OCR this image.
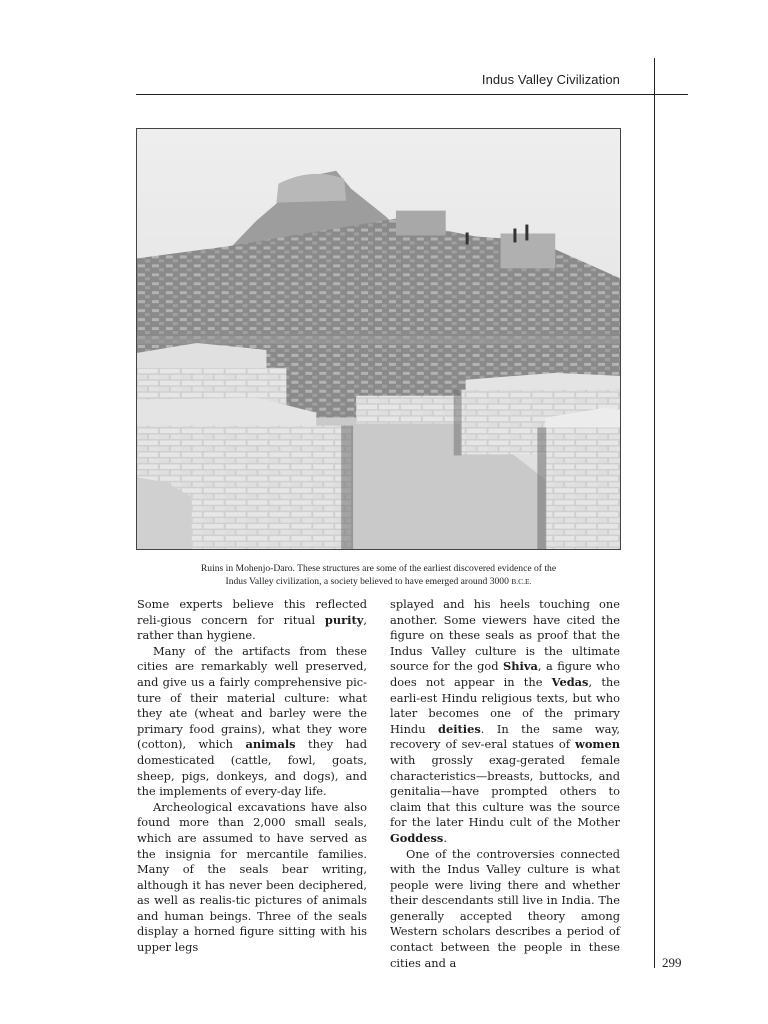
Indus Valley Civilization
Ruins in Mohenjo-Daro. These structures are some of the earliest discovered evidence of the
Indus Valley civilization, a society believed to have emerged around 3000 B.C.E.

Some experts believe this reflected reli-gious concern for ritual purity, rather than hygiene.

Many of the artifacts from these cities are remarkably well preserved, and give us a fairly comprehensive pic-ture of their material culture: what they ate (wheat and barley were the primary food grains), what they wore (cotton), which animals they had domesticated (cattle, fowl, goats, sheep, pigs, donkeys, and dogs), and the implements of every-day life.

Archeological excavations have also found more than 2,000 small seals, which are assumed to have served as the insignia for mercantile families. Many of the seals bear writing, although it has never been deciphered, as well as realis-tic pictures of animals and human beings. Three of the seals display a horned figure sitting with his upper legs

splayed and his heels touching one another. Some viewers have cited the figure on these seals as proof that the Indus Valley culture is the ultimate source for the god Shiva, a figure who does not appear in the Vedas, the earli-est Hindu religious texts, but who later becomes one of the primary Hindu deities. In the same way, recovery of sev-eral statues of women with grossly exag-gerated female characteristics—breasts, buttocks, and genitalia—have prompted others to claim that this culture was the source for the later Hindu cult of the Mother Goddess.

One of the controversies connected with the Indus Valley culture is what people were living there and whether their descendants still live in India. The generally accepted theory among Western scholars describes a period of contact between the people in these cities and a	299
